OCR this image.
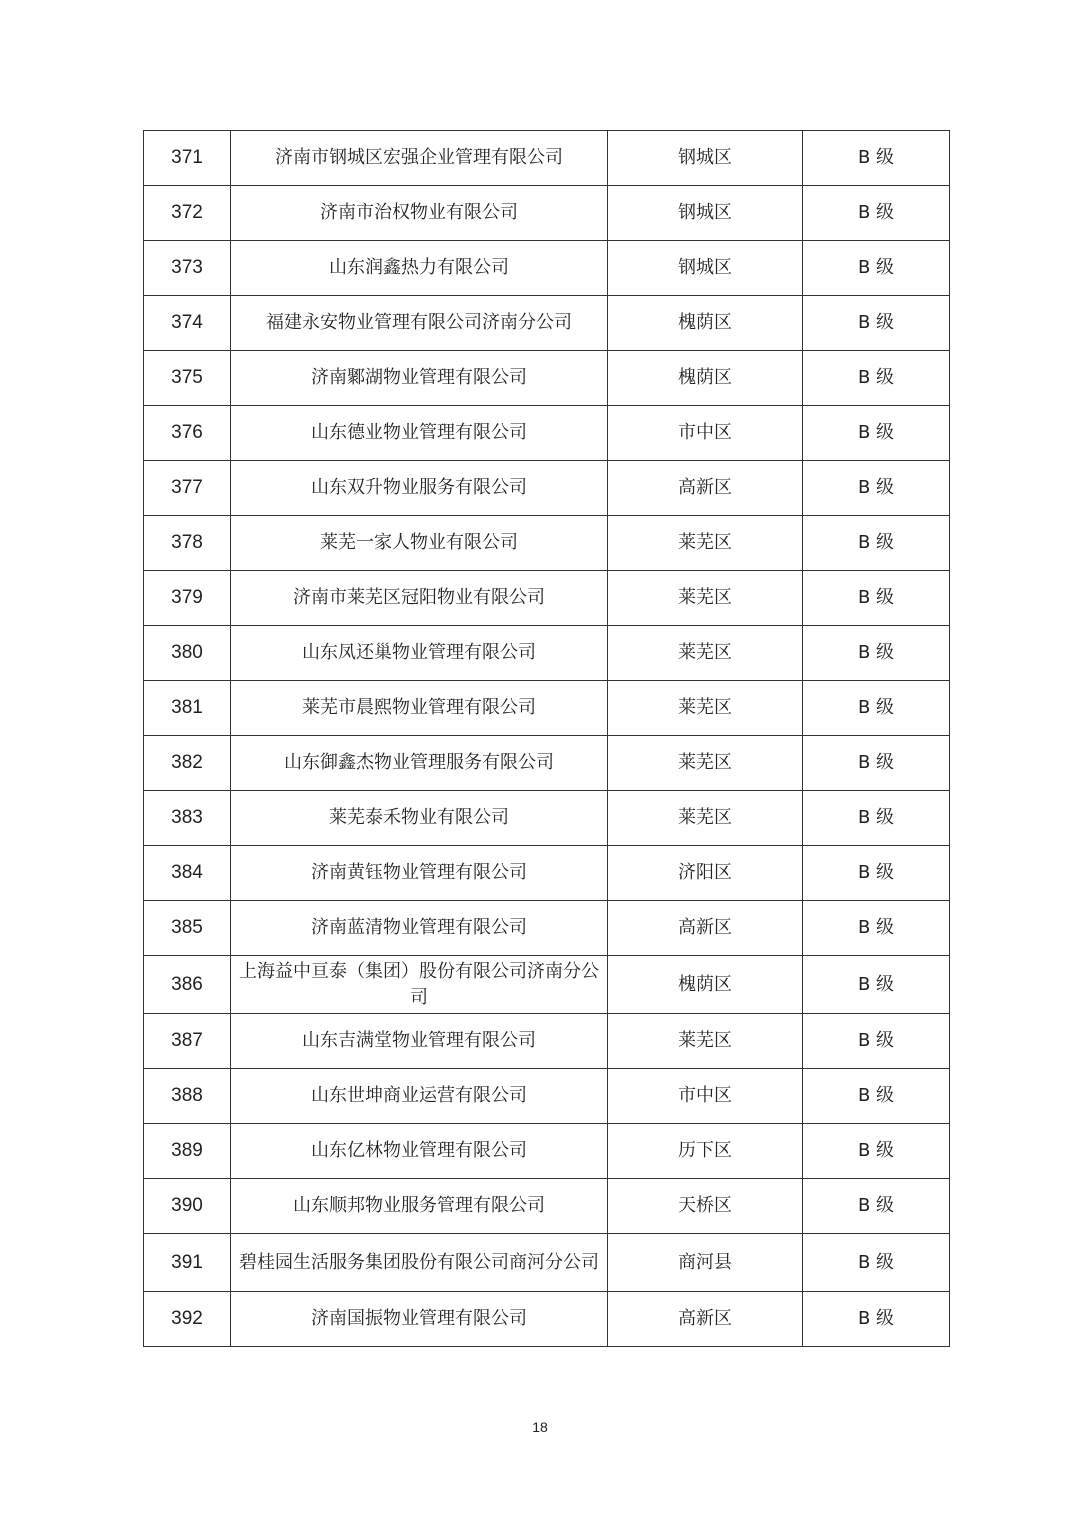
371	济南市钢城区宏强企业管理有限公司	钢城区	B 级
372	济南市治权物业有限公司	钢城区	B 级
373	山东润鑫热力有限公司	钢城区	B 级
374	福建永安物业管理有限公司济南分公司	槐荫区	B 级
375	济南鄹湖物业管理有限公司	槐荫区	B 级
376	山东德业物业管理有限公司	市中区	B 级
377	山东双升物业服务有限公司	高新区	B 级
378	莱芜一家人物业有限公司	莱芜区	B 级
379	济南市莱芜区冠阳物业有限公司	莱芜区	B 级
380	山东凤还巢物业管理有限公司	莱芜区	B 级
381	莱芜市晨熙物业管理有限公司	莱芜区	B 级
382	山东御鑫杰物业管理服务有限公司	莱芜区	B 级
383	莱芜泰禾物业有限公司	莱芜区	B 级
384	济南黄钰物业管理有限公司	济阳区	B 级
385	济南蓝清物业管理有限公司	高新区	B 级
386	上海益中亘泰（集团）股份有限公司济南分公司	槐荫区	B 级
387	山东吉满堂物业管理有限公司	莱芜区	B 级
388	山东世坤商业运营有限公司	市中区	B 级
389	山东亿林物业管理有限公司	历下区	B 级
390	山东顺邦物业服务管理有限公司	天桥区	B 级
391	碧桂园生活服务集团股份有限公司商河分公司	商河县	B 级
392	济南国振物业管理有限公司	高新区	B 级
18
